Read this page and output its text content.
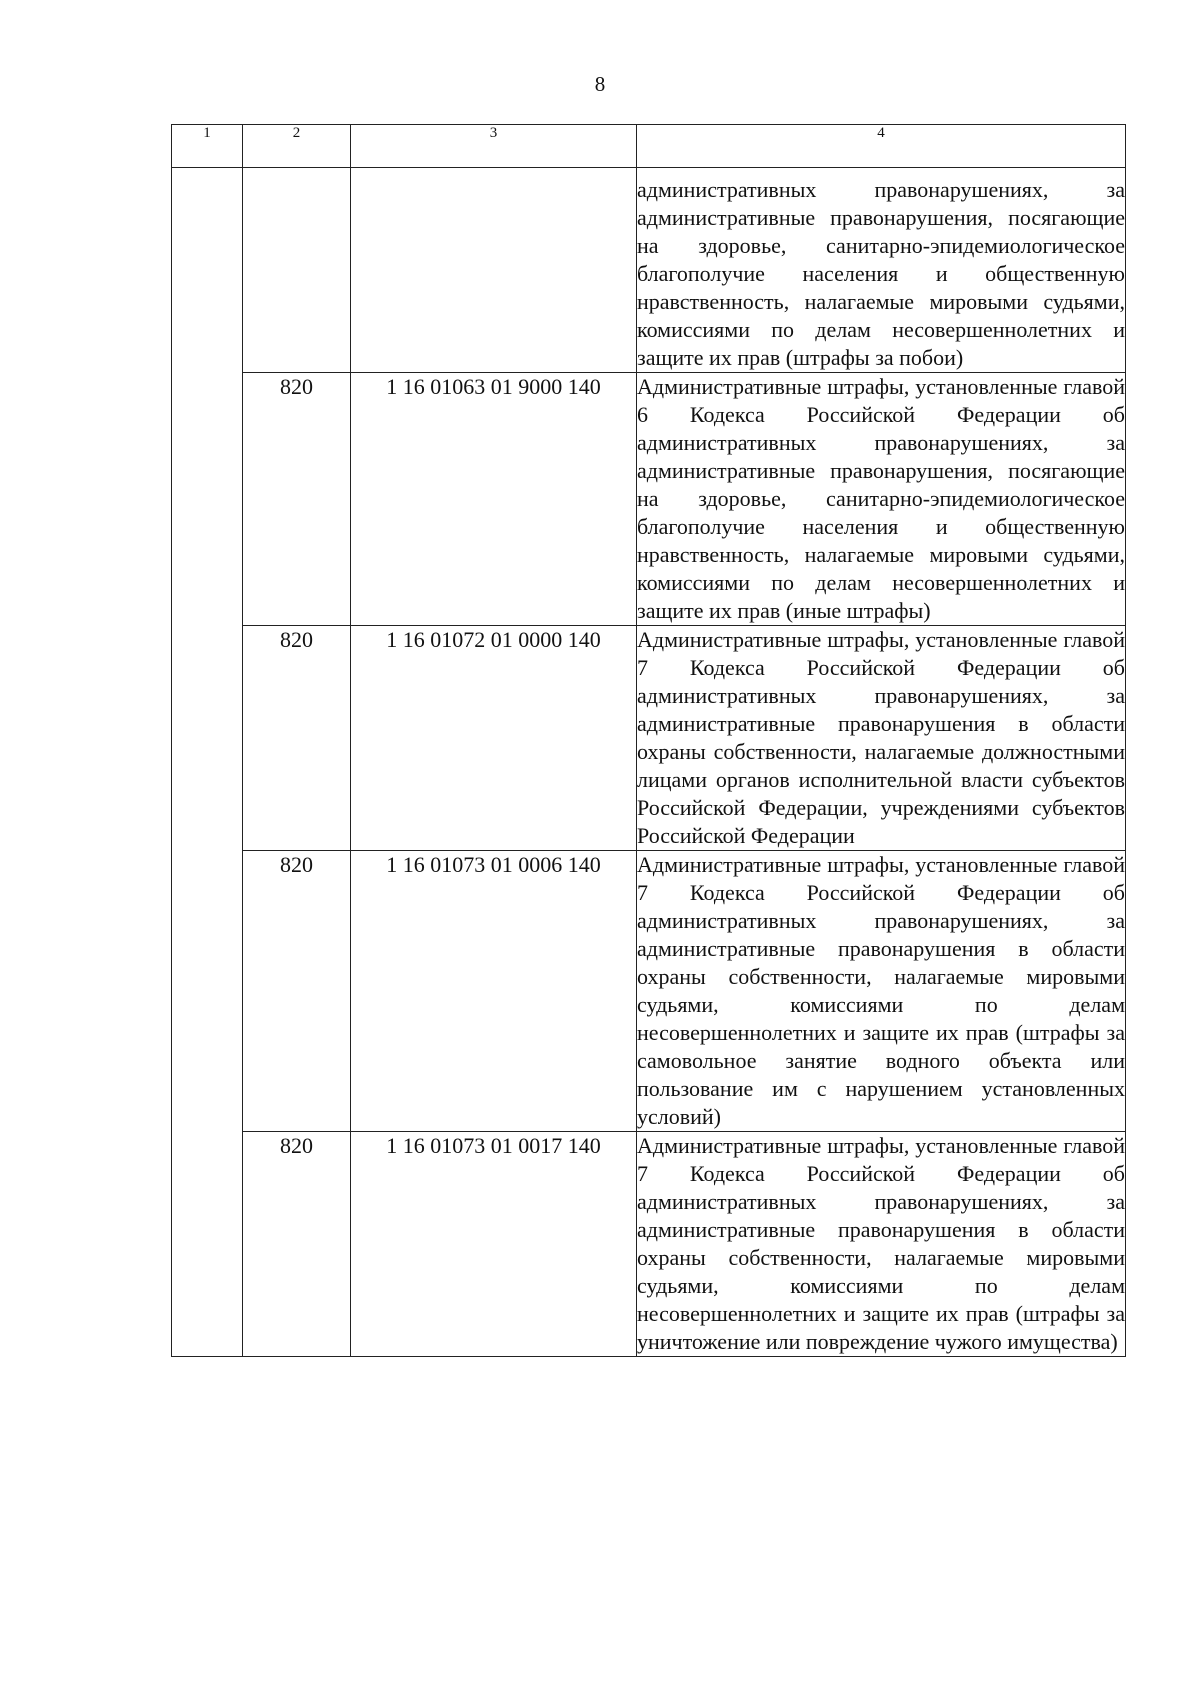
8
1	2	3	4
			административных правонарушениях, за административные правонарушения, посягающие на здоровье, санитарно-эпидемиологическое благополучие населения и общественную нравственность, налагаемые мировыми судьями, комиссиями по делам несовершеннолетних и защите их прав (штрафы за побои)
	820	1 16 01063 01 9000 140	Административные штрафы, установленные главой 6 Кодекса Российской Федерации об административных правонарушениях, за административные правонарушения, посягающие на здоровье, санитарно-эпидемиологическое благополучие населения и общественную нравственность, налагаемые мировыми судьями, комиссиями по делам несовершеннолетних и защите их прав (иные штрафы)
	820	1 16 01072 01 0000 140	Административные штрафы, установленные главой 7 Кодекса Российской Федерации об административных правонарушениях, за административные правонарушения в области охраны собственности, налагаемые должностными лицами органов исполнительной власти субъектов Российской Федерации, учреждениями субъектов Российской Федерации
	820	1 16 01073 01 0006 140	Административные штрафы, установленные главой 7 Кодекса Российской Федерации об административных правонарушениях, за административные правонарушения в области охраны собственности, налагаемые мировыми судьями, комиссиями по делам несовершеннолетних и защите их прав (штрафы за самовольное занятие водного объекта или пользование им с нарушением установленных условий)
	820	1 16 01073 01 0017 140	Административные штрафы, установленные главой 7 Кодекса Российской Федерации об административных правонарушениях, за административные правонарушения в области охраны собственности, налагаемые мировыми судьями, комиссиями по делам несовершеннолетних и защите их прав (штрафы за уничтожение или повреждение чужого имущества)
